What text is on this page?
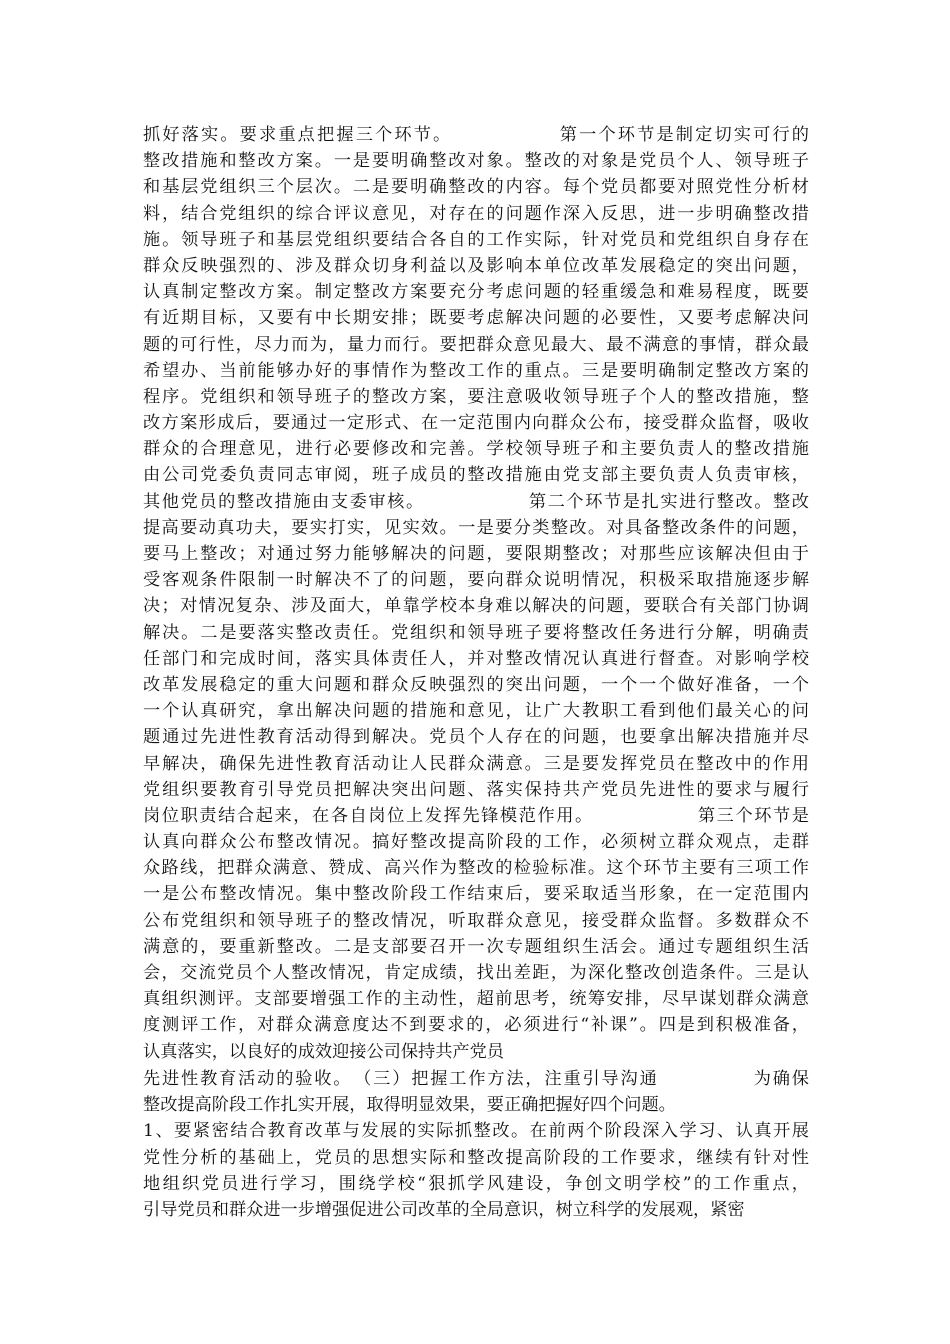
抓好落实。要求重点把握三个环节。　　　　　　第一个环节是制定切实可行的
整改措施和整改方案。一是要明确整改对象。整改的对象是党员个人、领导班子
和基层党组织三个层次。二是要明确整改的内容。每个党员都要对照党性分析材
料，结合党组织的综合评议意见，对存在的问题作深入反思，进一步明确整改措
施。领导班子和基层党组织要结合各自的工作实际，针对党员和党组织自身存在
群众反映强烈的、涉及群众切身利益以及影响本单位改革发展稳定的突出问题，
认真制定整改方案。制定整改方案要充分考虑问题的轻重缓急和难易程度，既要
有近期目标，又要有中长期安排；既要考虑解决问题的必要性，又要考虑解决问
题的可行性，尽力而为，量力而行。要把群众意见最大、最不满意的事情，群众最
希望办、当前能够办好的事情作为整改工作的重点。三是要明确制定整改方案的
程序。党组织和领导班子的整改方案，要注意吸收领导班子个人的整改措施，整
改方案形成后，要通过一定形式、在一定范围内向群众公布，接受群众监督，吸收
群众的合理意见，进行必要修改和完善。学校领导班子和主要负责人的整改措施
由公司党委负责同志审阅，班子成员的整改措施由党支部主要负责人负责审核，
其他党员的整改措施由支委审核。　　　　　　第二个环节是扎实进行整改。整改
提高要动真功夫，要实打实，见实效。一是要分类整改。对具备整改条件的问题，
要马上整改；对通过努力能够解决的问题，要限期整改；对那些应该解决但由于
受客观条件限制一时解决不了的问题，要向群众说明情况，积极采取措施逐步解
决；对情况复杂、涉及面大，单靠学校本身难以解决的问题，要联合有关部门协调
解决。二是要落实整改责任。党组织和领导班子要将整改任务进行分解，明确责
任部门和完成时间，落实具体责任人，并对整改情况认真进行督查。对影响学校
改革发展稳定的重大问题和群众反映强烈的突出问题，一个一个做好准备，一个
一个认真研究，拿出解决问题的措施和意见，让广大教职工看到他们最关心的问
题通过先进性教育活动得到解决。党员个人存在的问题，也要拿出解决措施并尽
早解决，确保先进性教育活动让人民群众满意。三是要发挥党员在整改中的作用
党组织要教育引导党员把解决突出问题、落实保持共产党员先进性的要求与履行
岗位职责结合起来，在各自岗位上发挥先锋模范作用。　　　　　　第三个环节是
认真向群众公布整改情况。搞好整改提高阶段的工作，必须树立群众观点，走群
众路线，把群众满意、赞成、高兴作为整改的检验标准。这个环节主要有三项工作
一是公布整改情况。集中整改阶段工作结束后，要采取适当形象，在一定范围内
公布党组织和领导班子的整改情况，听取群众意见，接受群众监督。多数群众不
满意的，要重新整改。二是支部要召开一次专题组织生活会。通过专题组织生活
会，交流党员个人整改情况，肯定成绩，找出差距，为深化整改创造条件。三是认
真组织测评。支部要增强工作的主动性，超前思考，统筹安排，尽早谋划群众满意
度测评工作，对群众满意度达不到要求的，必须进行“补课”。四是到积极准备，
认真落实，以良好的成效迎接公司保持共产党员
先进性教育活动的验收。　（三）把握工作方法，注重引导沟通　　　　　为确保
整改提高阶段工作扎实开展，取得明显效果，要正确把握好四个问题。
1、要紧密结合教育改革与发展的实际抓整改。在前两个阶段深入学习、认真开展
党性分析的基础上，党员的思想实际和整改提高阶段的工作要求，继续有针对性
地组织党员进行学习，围绕学校“狠抓学风建设，争创文明学校”的工作重点，
引导党员和群众进一步增强促进公司改革的全局意识，树立科学的发展观，紧密
